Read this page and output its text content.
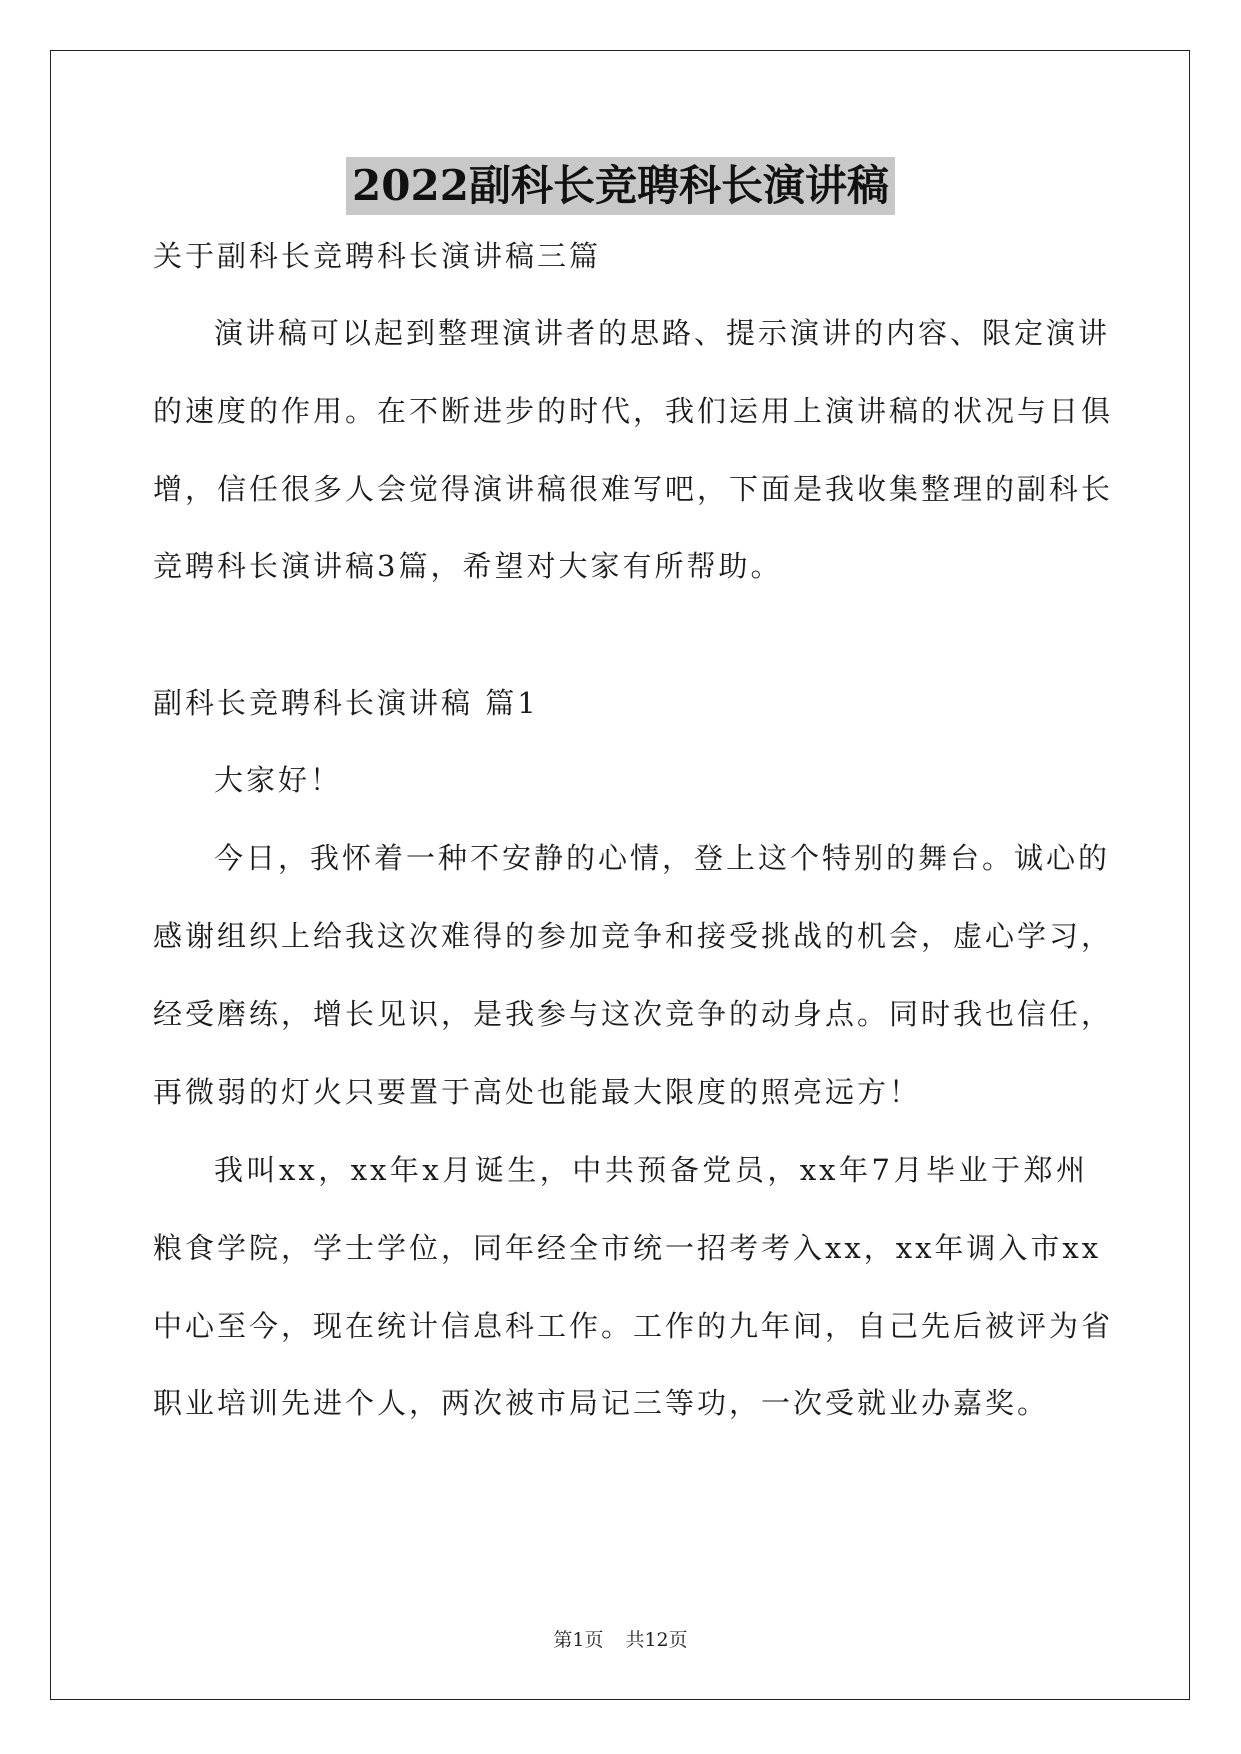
2022副科长竞聘科长演讲稿
关于副科长竞聘科长演讲稿三篇
演讲稿可以起到整理演讲者的思路、提示演讲的内容、限定演讲
的速度的作用。在不断进步的时代，我们运用上演讲稿的状况与日俱
增，信任很多人会觉得演讲稿很难写吧，下面是我收集整理的副科长
竞聘科长演讲稿3篇，希望对大家有所帮助。
副科长竞聘科长演讲稿 篇1
大家好！
今日，我怀着一种不安静的心情，登上这个特别的舞台。诚心的
感谢组织上给我这次难得的参加竞争和接受挑战的机会，虚心学习，
经受磨练，增长见识，是我参与这次竞争的动身点。同时我也信任，
再微弱的灯火只要置于高处也能最大限度的照亮远方！
我叫xx，xx年x月诞生，中共预备党员，xx年7月毕业于郑州
粮食学院，学士学位，同年经全市统一招考考入xx，xx年调入市xx
中心至今，现在统计信息科工作。工作的九年间，自己先后被评为省
职业培训先进个人，两次被市局记三等功，一次受就业办嘉奖。
第1页 共12页
